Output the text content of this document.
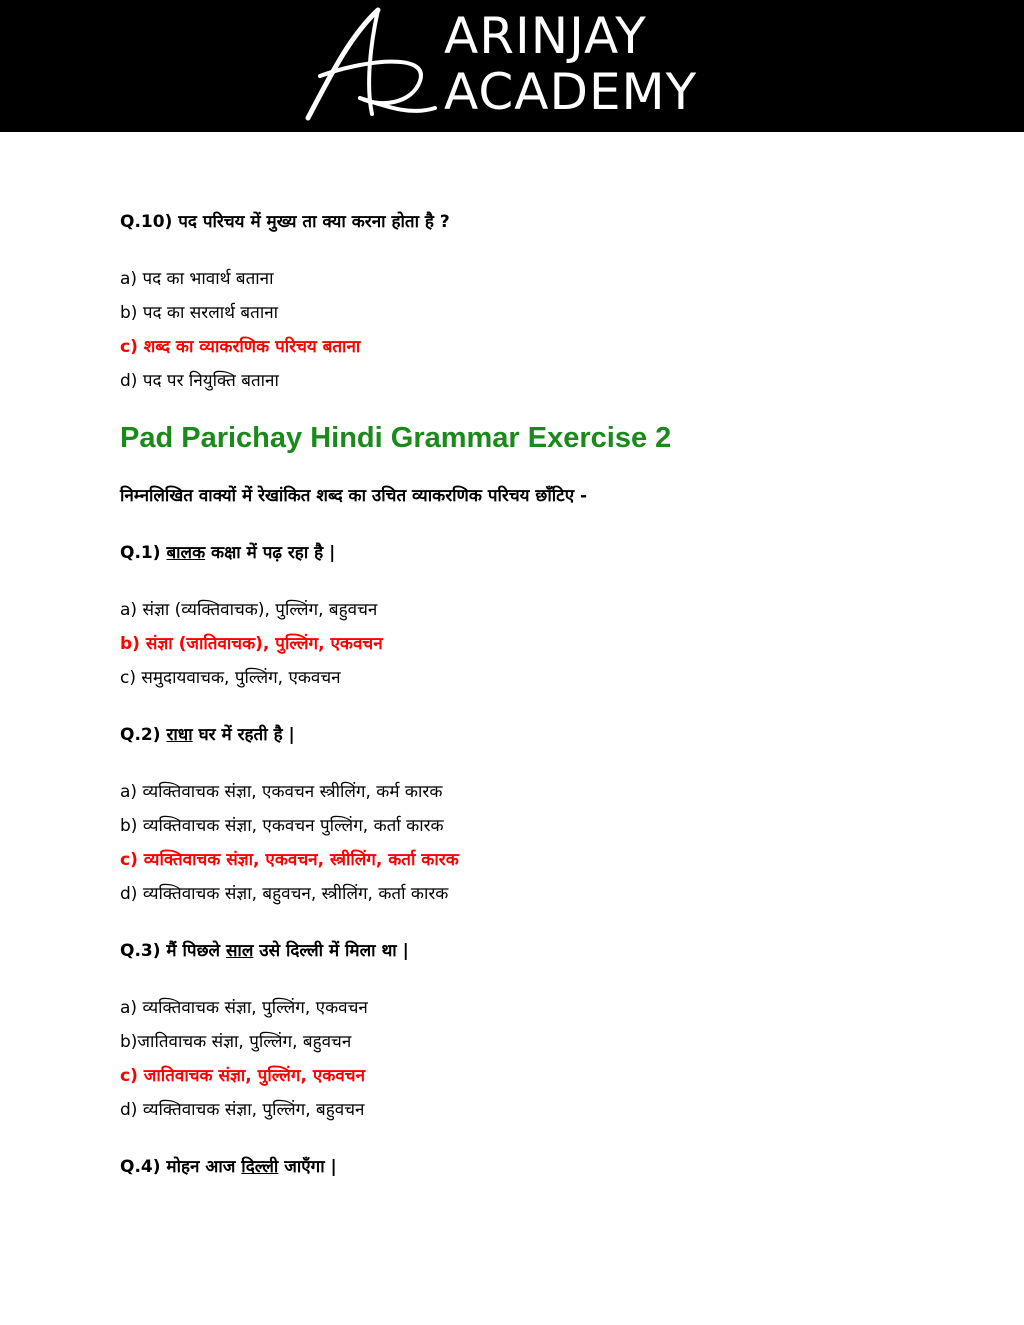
ARINJAY
ACADEMY
Q.10) पद परिचय में मुख्य ता क्या करना होता है ?
a) पद का भावार्थ बताना
b) पद का सरलार्थ बताना
c) शब्द का व्याकरणिक परिचय बताना
d) पद पर नियुक्ति बताना
Pad Parichay Hindi Grammar Exercise 2
निम्नलिखित वाक्यों में रेखांकित शब्द का उचित व्याकरणिक परिचय छाँटिए -
Q.1) बालक कक्षा में पढ़ रहा है |
a) संज्ञा (व्यक्तिवाचक), पुल्लिंग, बहुवचन
b) संज्ञा (जातिवाचक), पुल्लिंग, एकवचन
c) समुदायवाचक, पुल्लिंग, एकवचन
Q.2) राधा घर में रहती है |
a) व्यक्तिवाचक संज्ञा, एकवचन स्त्रीलिंग, कर्म कारक
b) व्यक्तिवाचक संज्ञा, एकवचन पुल्लिंग, कर्ता कारक
c) व्यक्तिवाचक संज्ञा, एकवचन, स्त्रीलिंग, कर्ता कारक
d) व्यक्तिवाचक संज्ञा, बहुवचन, स्त्रीलिंग, कर्ता कारक
Q.3) मैं पिछले साल उसे दिल्ली में मिला था |
a) व्यक्तिवाचक संज्ञा, पुल्लिंग, एकवचन
b)जातिवाचक संज्ञा, पुल्लिंग, बहुवचन
c) जातिवाचक संज्ञा, पुल्लिंग, एकवचन
d) व्यक्तिवाचक संज्ञा, पुल्लिंग, बहुवचन
Q.4) मोहन आज दिल्ली जाएँगा |
